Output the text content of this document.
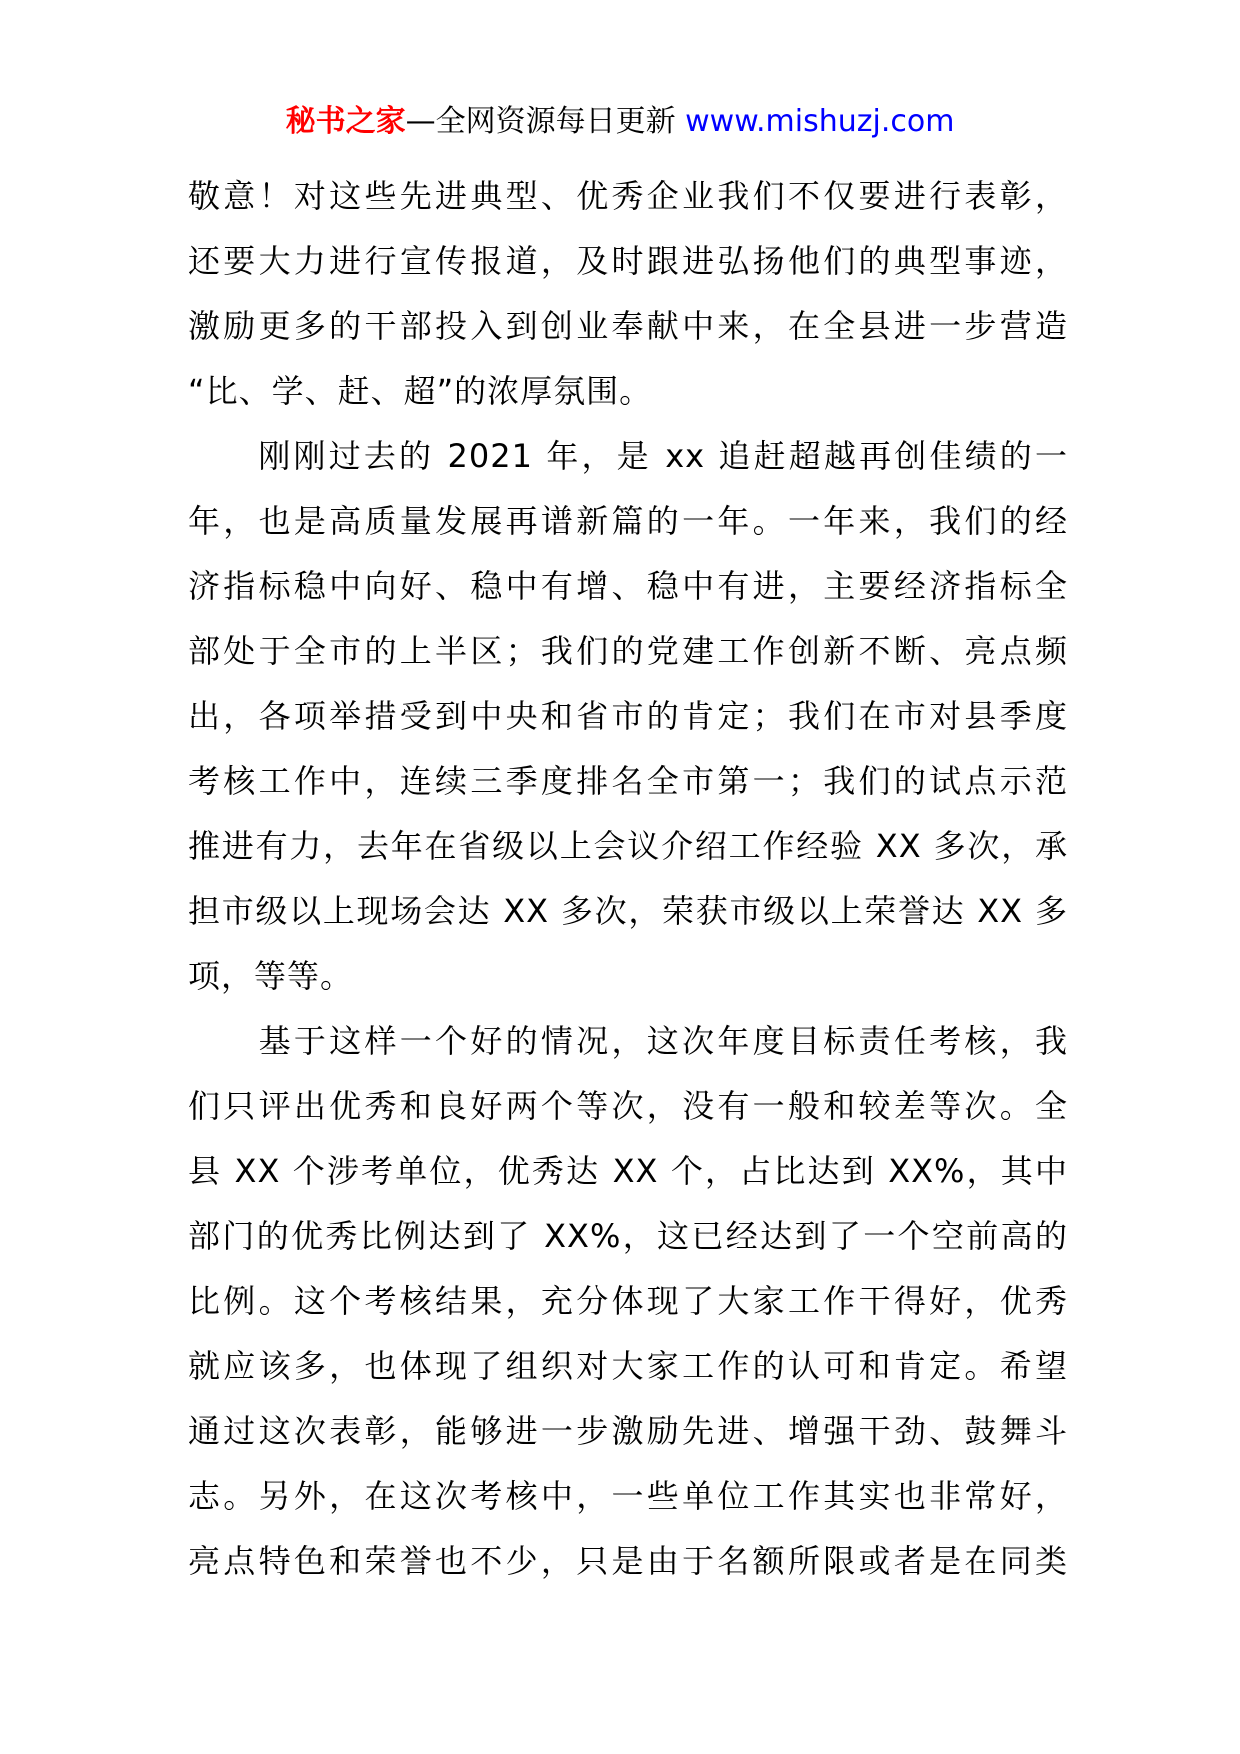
秘书之家—全网资源每日更新 www.mishuzj.com
敬意！对这些先进典型、优秀企业我们不仅要进行表彰，
还要大力进行宣传报道，及时跟进弘扬他们的典型事迹，
激励更多的干部投入到创业奉献中来，在全县进一步营造
“比、学、赶、超”的浓厚氛围。
　　刚刚过去的 2021 年，是 xx 追赶超越再创佳绩的一
年，也是高质量发展再谱新篇的一年。一年来，我们的经
济指标稳中向好、稳中有增、稳中有进，主要经济指标全
部处于全市的上半区；我们的党建工作创新不断、亮点频
出，各项举措受到中央和省市的肯定；我们在市对县季度
考核工作中，连续三季度排名全市第一；我们的试点示范
推进有力，去年在省级以上会议介绍工作经验 XX 多次，承
担市级以上现场会达 XX 多次，荣获市级以上荣誉达 XX 多
项，等等。
　　基于这样一个好的情况，这次年度目标责任考核，我
们只评出优秀和良好两个等次，没有一般和较差等次。全
县 XX 个涉考单位，优秀达 XX 个，占比达到 XX%，其中
部门的优秀比例达到了 XX%，这已经达到了一个空前高的
比例。这个考核结果，充分体现了大家工作干得好，优秀
就应该多，也体现了组织对大家工作的认可和肯定。希望
通过这次表彰，能够进一步激励先进、增强干劲、鼓舞斗
志。另外，在这次考核中，一些单位工作其实也非常好，
亮点特色和荣誉也不少，只是由于名额所限或者是在同类
